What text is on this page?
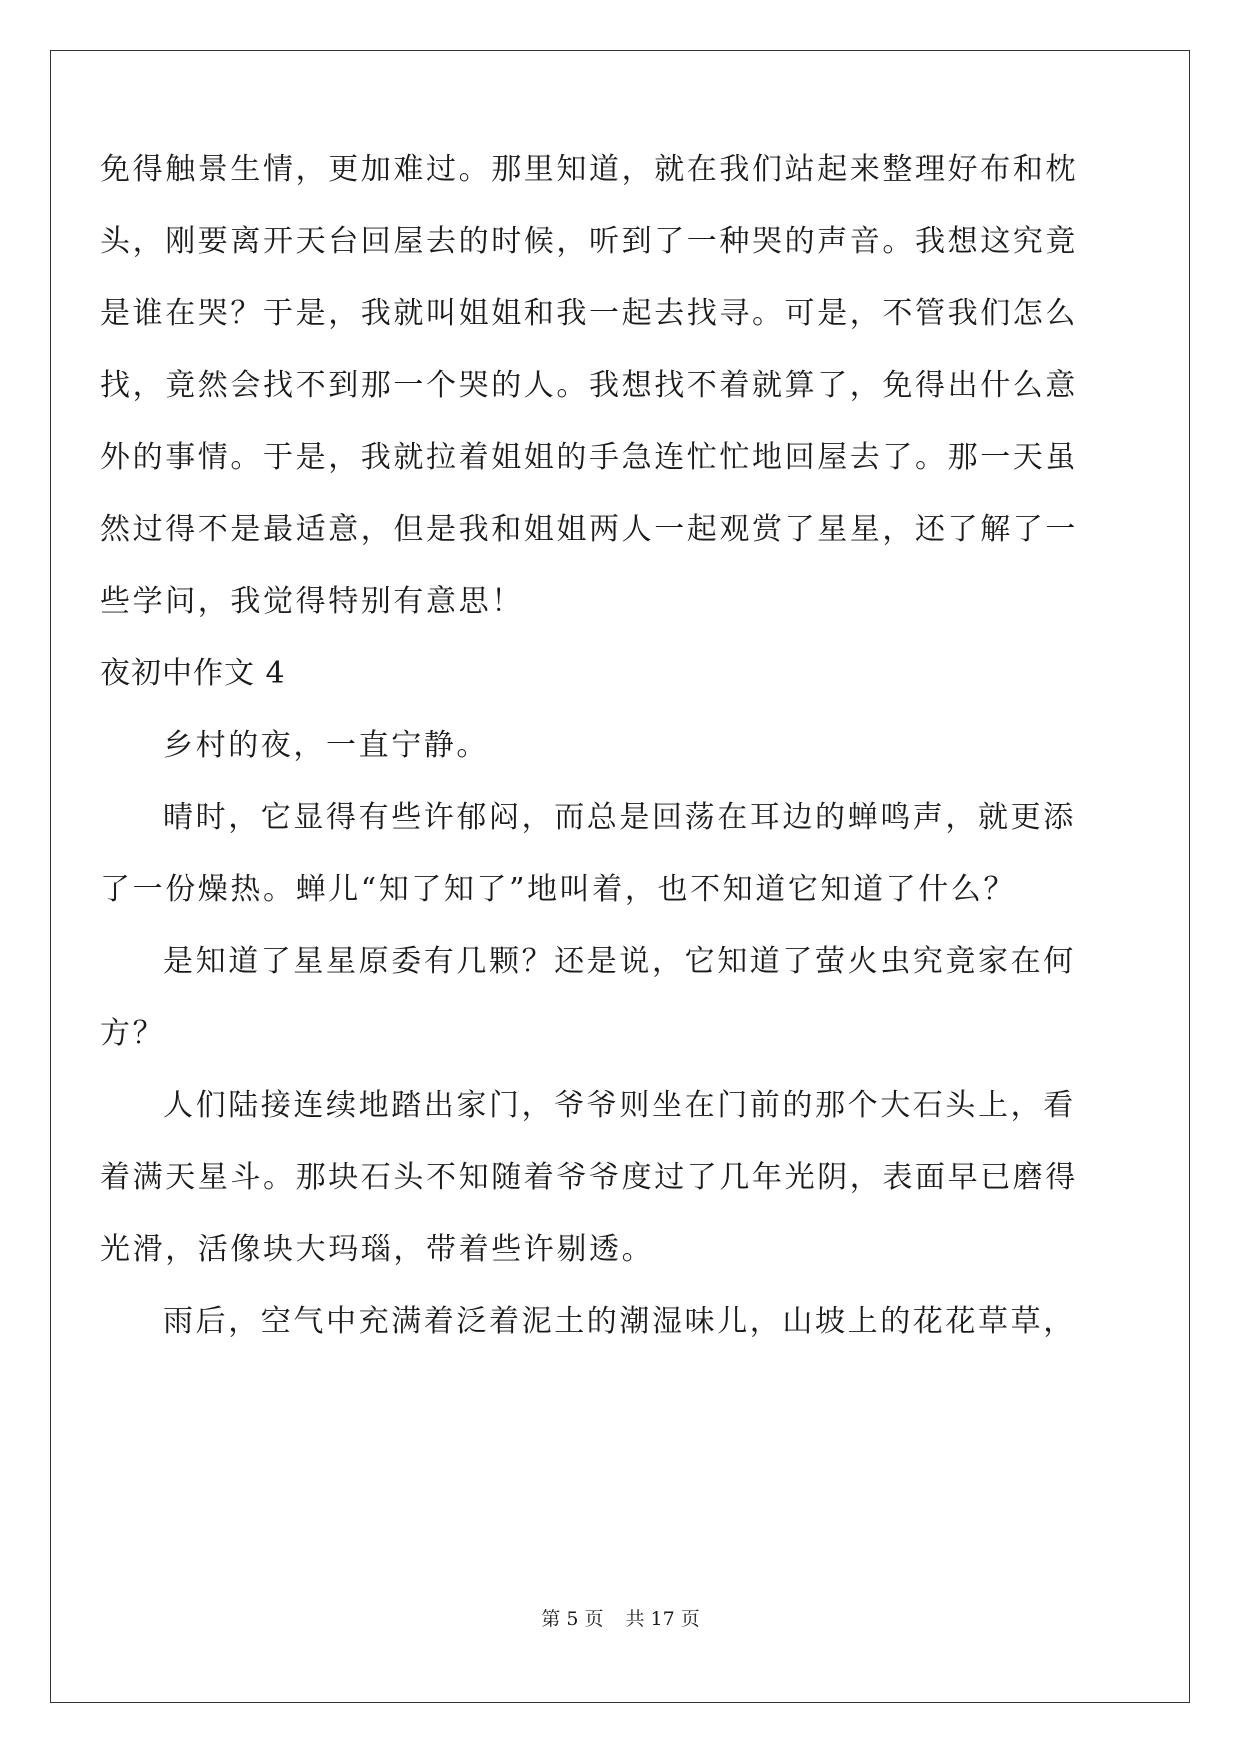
免得触景生情，更加难过。那里知道，就在我们站起来整理好布和枕
头，刚要离开天台回屋去的时候，听到了一种哭的声音。我想这究竟
是谁在哭？于是，我就叫姐姐和我一起去找寻。可是，不管我们怎么
找，竟然会找不到那一个哭的人。我想找不着就算了，免得出什么意
外的事情。于是，我就拉着姐姐的手急连忙忙地回屋去了。那一天虽
然过得不是最适意，但是我和姐姐两人一起观赏了星星，还了解了一
些学问，我觉得特别有意思！
夜初中作文 4
乡村的夜，一直宁静。
晴时，它显得有些许郁闷，而总是回荡在耳边的蝉鸣声，就更添
了一份燥热。蝉儿“知了知了”地叫着，也不知道它知道了什么？
是知道了星星原委有几颗？还是说，它知道了萤火虫究竟家在何
方？
人们陆接连续地踏出家门，爷爷则坐在门前的那个大石头上，看
着满天星斗。那块石头不知随着爷爷度过了几年光阴，表面早已磨得
光滑，活像块大玛瑙，带着些许剔透。
雨后，空气中充满着泛着泥土的潮湿味儿，山坡上的花花草草，
第 5 页 共 17 页
